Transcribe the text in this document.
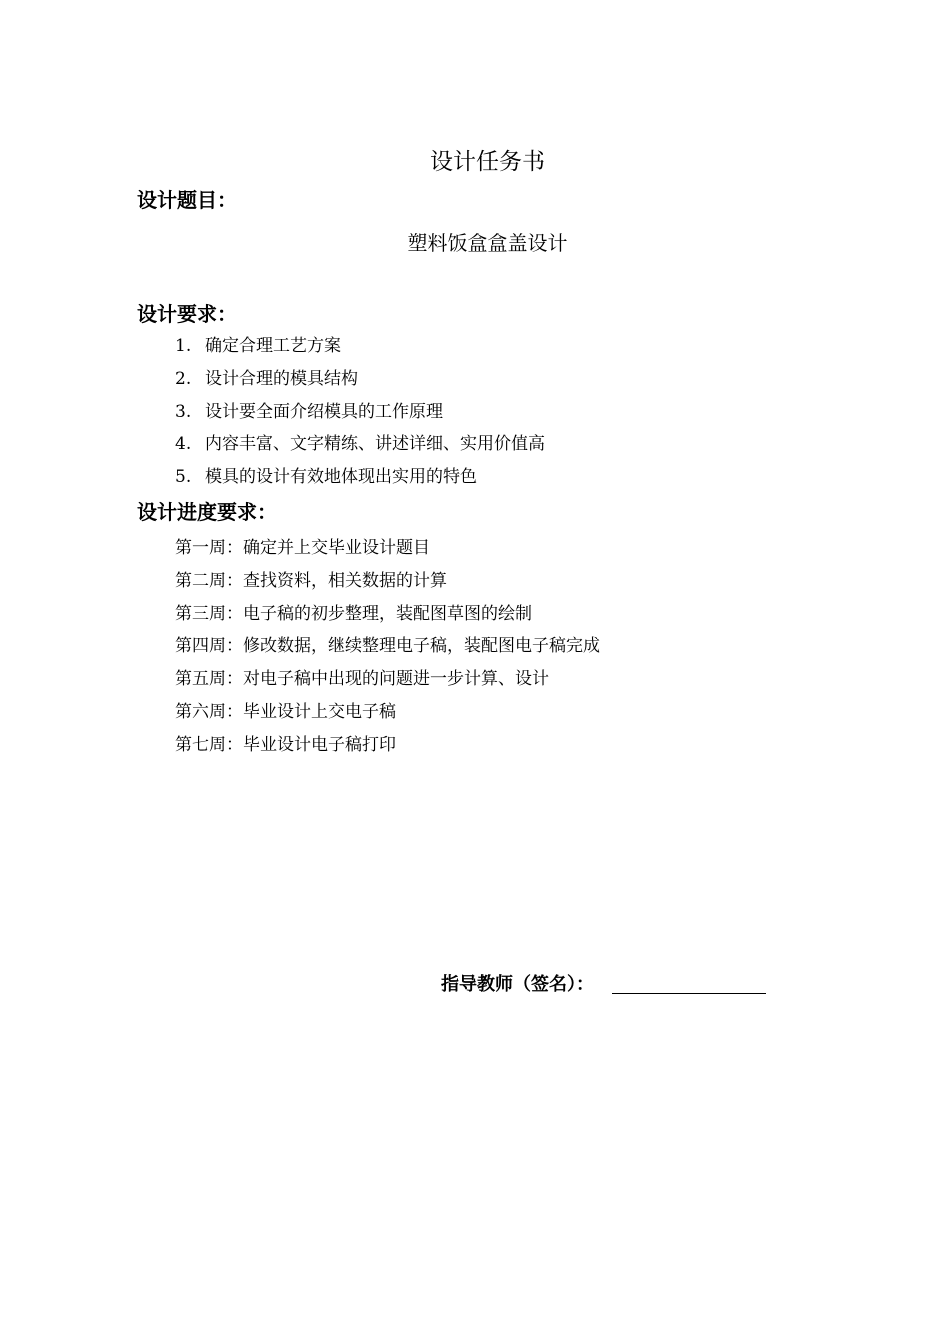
设计任务书
设计题目：
塑料饭盒盒盖设计
设计要求：
1. 确定合理工艺方案
2. 设计合理的模具结构
3. 设计要全面介绍模具的工作原理
4. 内容丰富、文字精练、讲述详细、实用价值高
5. 模具的设计有效地体现出实用的特色
设计进度要求：
第一周：确定并上交毕业设计题目
第二周：查找资料，相关数据的计算
第三周：电子稿的初步整理，装配图草图的绘制
第四周：修改数据，继续整理电子稿，装配图电子稿完成
第五周：对电子稿中出现的问题进一步计算、设计
第六周：毕业设计上交电子稿
第七周：毕业设计电子稿打印
指导教师（签名）：
